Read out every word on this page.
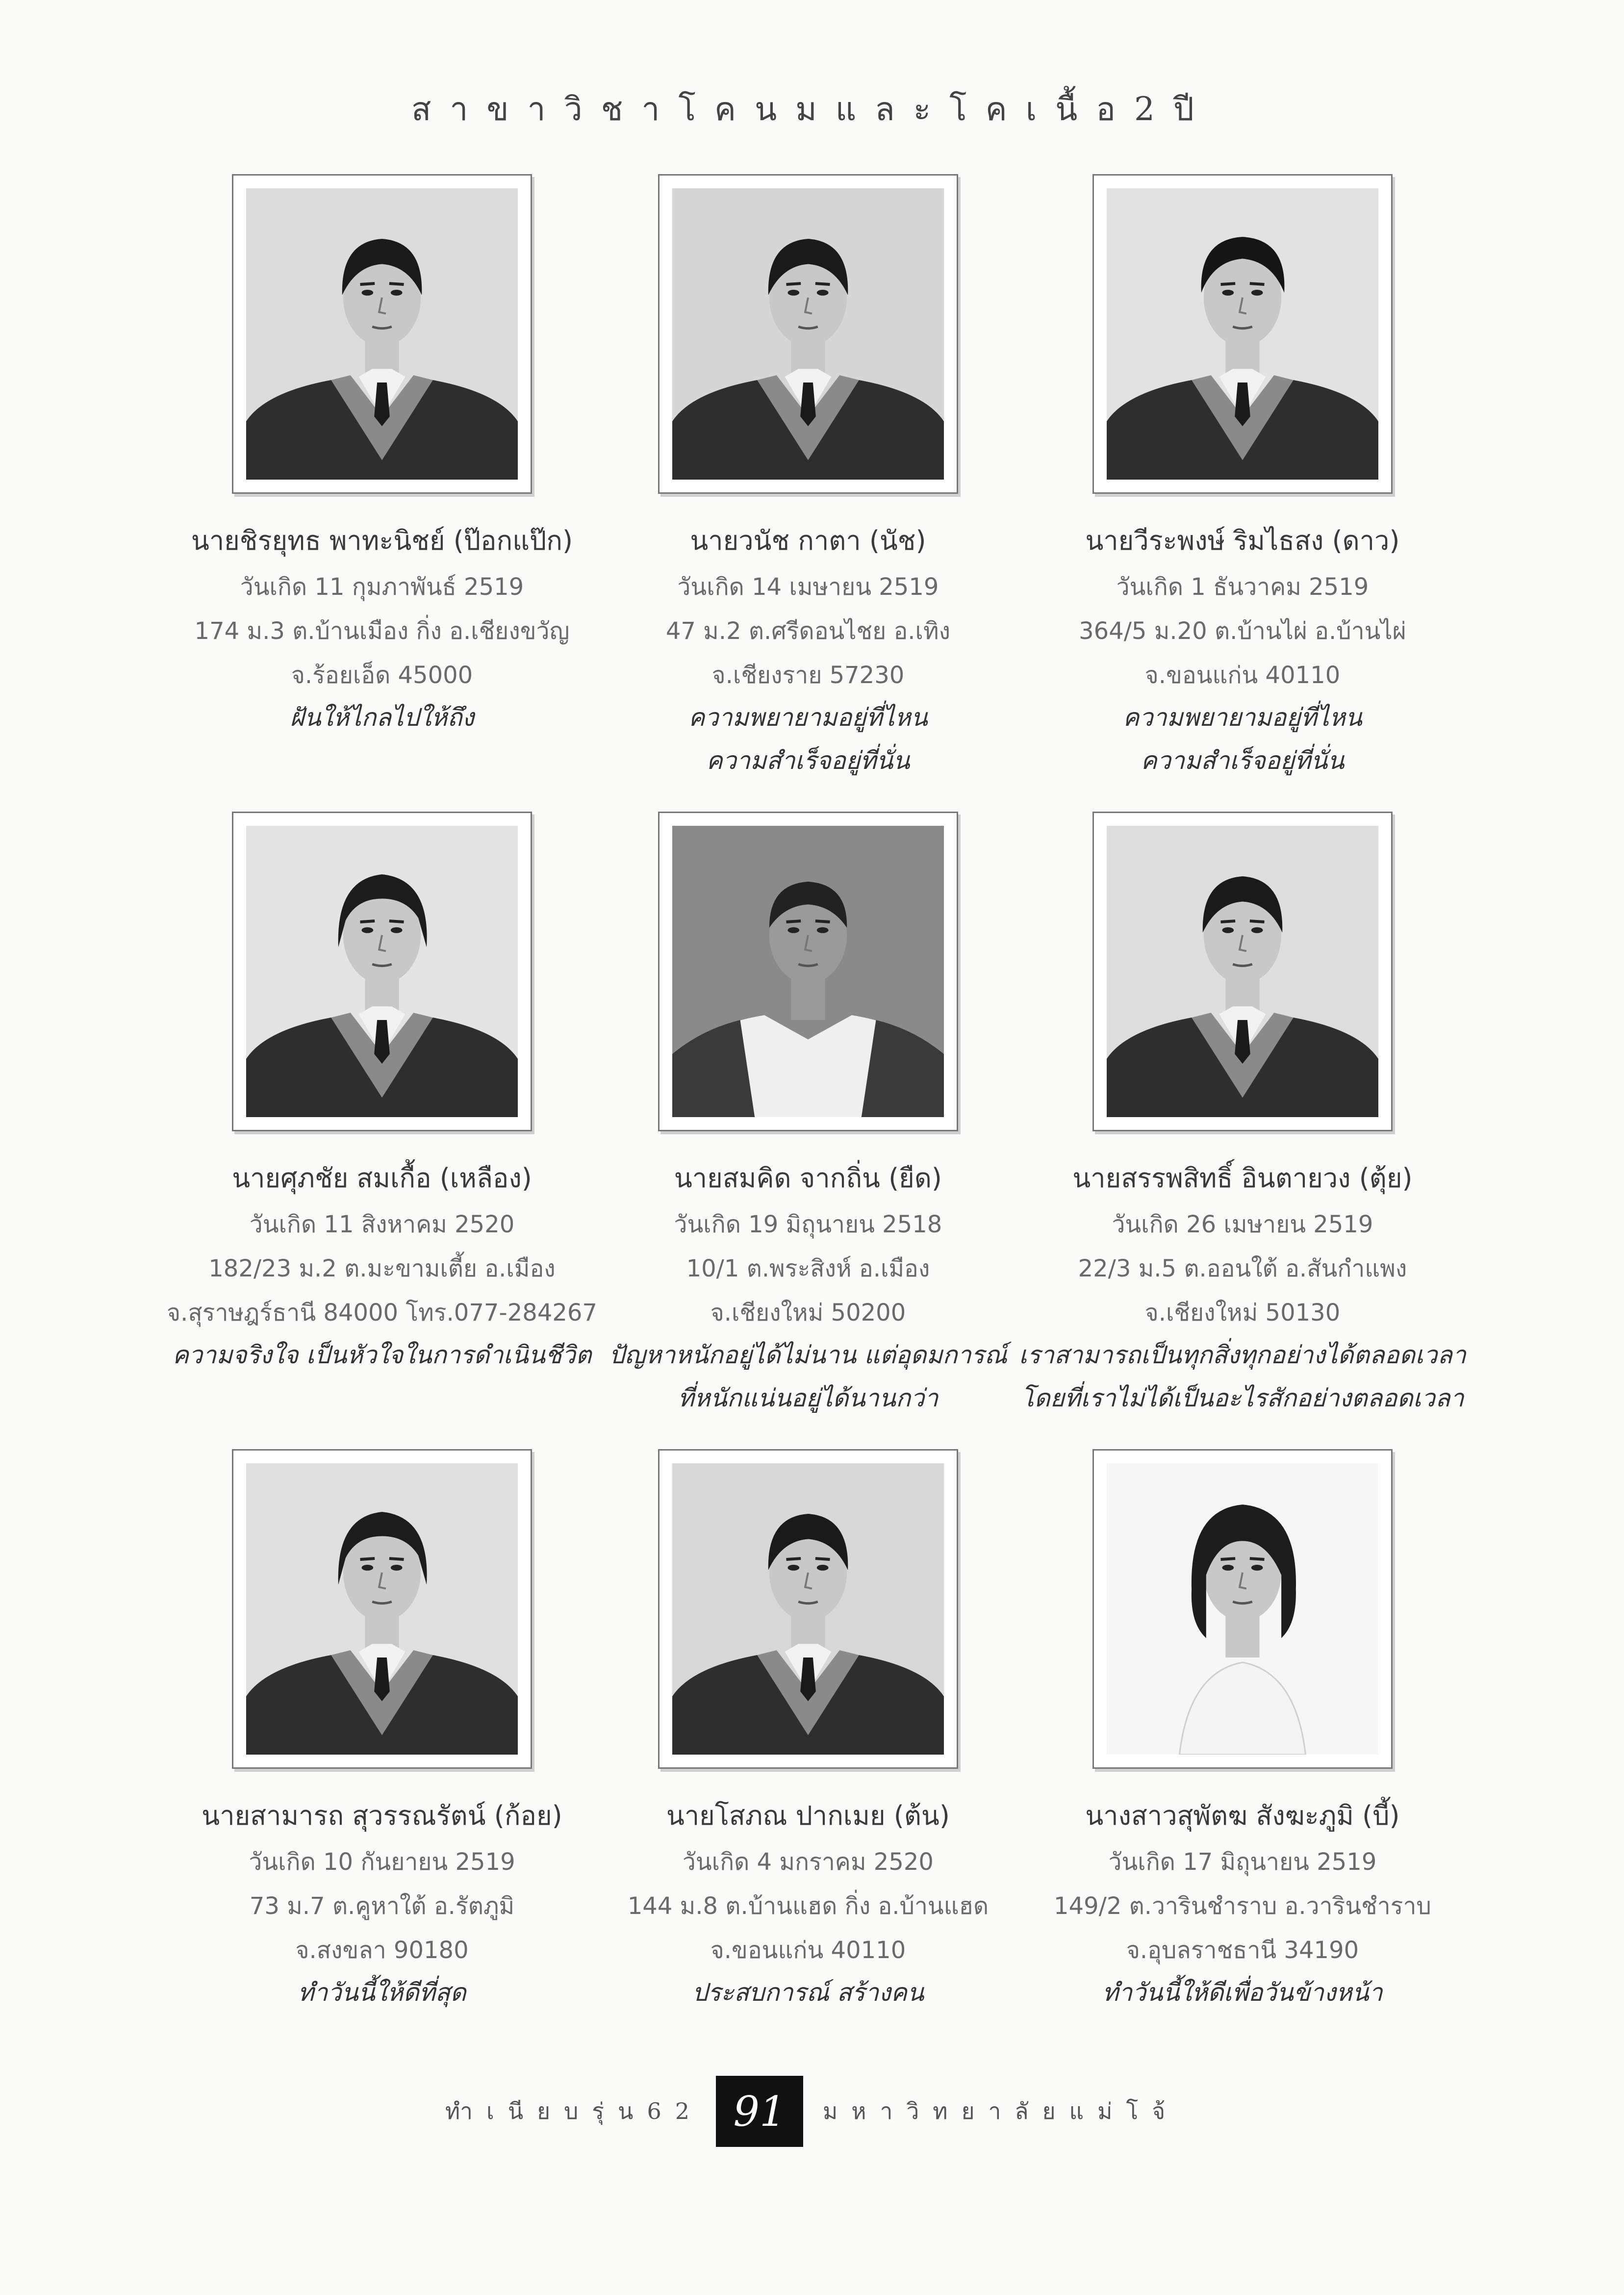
สาขาวิชาโคนมและโคเนื้อ2ปี
นายชิรยุทธ พาทะนิชย์ (ป๊อกแป๊ก)
วันเกิด 11 กุมภาพันธ์ 2519
174 ม.3 ต.บ้านเมือง กิ่ง อ.เชียงขวัญ
จ.ร้อยเอ็ด 45000
ฝันให้ไกลไปให้ถึง
นายวนัช กาตา (นัช)
วันเกิด 14 เมษายน 2519
47 ม.2 ต.ศรีดอนไชย อ.เทิง
จ.เชียงราย 57230
ความพยายามอยู่ที่ไหน
ความสำเร็จอยู่ที่นั่น
นายวีระพงษ์ ริมไธสง (ดาว)
วันเกิด 1 ธันวาคม 2519
364/5 ม.20 ต.บ้านไผ่ อ.บ้านไผ่
จ.ขอนแก่น 40110
ความพยายามอยู่ที่ไหน
ความสำเร็จอยู่ที่นั่น
นายศุภชัย สมเกื้อ (เหลือง)
วันเกิด 11 สิงหาคม 2520
182/23 ม.2 ต.มะขามเตี้ย อ.เมือง
จ.สุราษฎร์ธานี 84000 โทร.077-284267
ความจริงใจ เป็นหัวใจในการดำเนินชีวิต
นายสมคิด จากถิ่น (ยืด)
วันเกิด 19 มิถุนายน 2518
10/1 ต.พระสิงห์ อ.เมือง
จ.เชียงใหม่ 50200
ปัญหาหนักอยู่ได้ไม่นาน แต่อุดมการณ์
ที่หนักแน่นอยู่ได้นานกว่า
นายสรรพสิทธิ์ อินตายวง (ตุ้ย)
วันเกิด 26 เมษายน 2519
22/3 ม.5 ต.ออนใต้ อ.สันกำแพง
จ.เชียงใหม่ 50130
เราสามารถเป็นทุกสิ่งทุกอย่างได้ตลอดเวลา
โดยที่เราไม่ได้เป็นอะไรสักอย่างตลอดเวลา
นายสามารถ สุวรรณรัตน์ (ก้อย)
วันเกิด 10 กันยายน 2519
73 ม.7 ต.คูหาใต้ อ.รัตภูมิ
จ.สงขลา 90180
ทำวันนี้ให้ดีที่สุด
นายโสภณ ปากเมย (ต้น)
วันเกิด 4 มกราคม 2520
144 ม.8 ต.บ้านแฮด กิ่ง อ.บ้านแฮด
จ.ขอนแก่น 40110
ประสบการณ์ สร้างคน
นางสาวสุพัตฆ สังฆะภูมิ (บี้)
วันเกิด 17 มิถุนายน 2519
149/2 ต.วารินชำราบ อ.วารินชำราบ
จ.อุบลราชธานี 34190
ทำวันนี้ให้ดีเพื่อวันข้างหน้า
ทำเนียบรุ่น62 91	มหาวิทยาลัยแม่โจ้
